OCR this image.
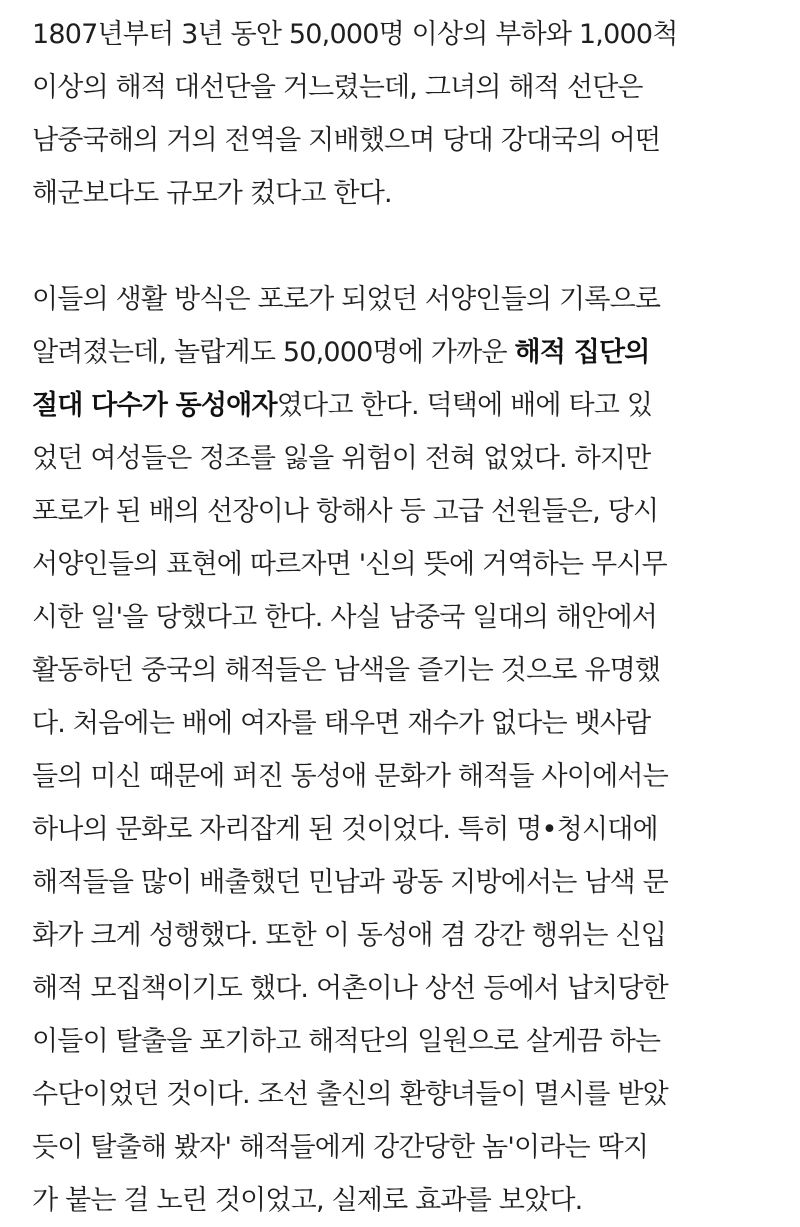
1807년부터 3년 동안 50,000명 이상의 부하와 1,000척
이상의 해적 대선단을 거느렸는데, 그녀의 해적 선단은
남중국해의 거의 전역을 지배했으며 당대 강대국의 어떤
해군보다도 규모가 컸다고 한다.
이들의 생활 방식은 포로가 되었던 서양인들의 기록으로
알려졌는데, 놀랍게도 50,000명에 가까운 해적 집단의
절대 다수가 동성애자였다고 한다. 덕택에 배에 타고 있
었던 여성들은 정조를 잃을 위험이 전혀 없었다. 하지만
포로가 된 배의 선장이나 항해사 등 고급 선원들은, 당시
서양인들의 표현에 따르자면 '신의 뜻에 거역하는 무시무
시한 일'을 당했다고 한다. 사실 남중국 일대의 해안에서
활동하던 중국의 해적들은 남색을 즐기는 것으로 유명했
다. 처음에는 배에 여자를 태우면 재수가 없다는 뱃사람
들의 미신 때문에 퍼진 동성애 문화가 해적들 사이에서는
하나의 문화로 자리잡게 된 것이었다. 특히 명•청시대에
해적들을 많이 배출했던 민남과 광동 지방에서는 남색 문
화가 크게 성행했다. 또한 이 동성애 겸 강간 행위는 신입
해적 모집책이기도 했다. 어촌이나 상선 등에서 납치당한
이들이 탈출을 포기하고 해적단의 일원으로 살게끔 하는
수단이었던 것이다. 조선 출신의 환향녀들이 멸시를 받았
듯이 탈출해 봤자' 해적들에게 강간당한 놈'이라는 딱지
가 붙는 걸 노린 것이었고, 실제로 효과를 보았다.
